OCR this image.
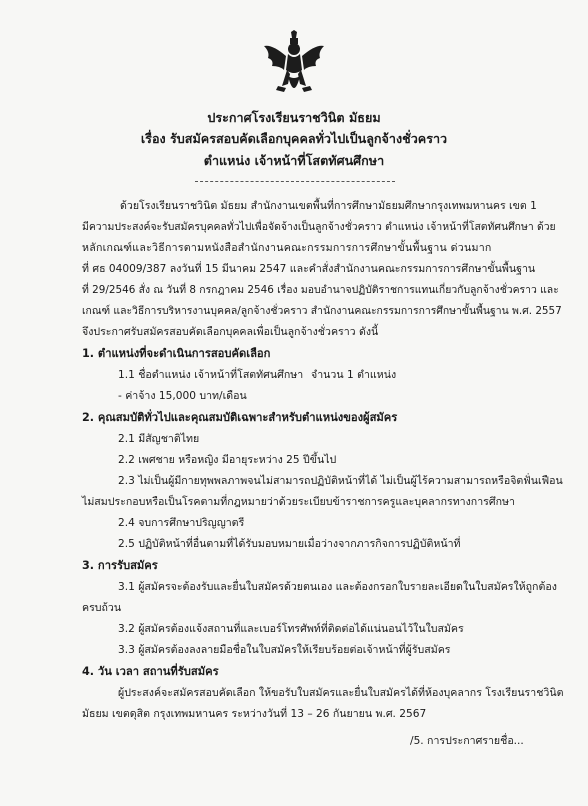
ประกาศโรงเรียนราชวินิต มัธยม
เรื่อง รับสมัครสอบคัดเลือกบุคคลทั่วไปเป็นลูกจ้างชั่วคราว
ตำแหน่ง เจ้าหน้าที่โสตทัศนศึกษา
ด้วยโรงเรียนราชวินิต มัธยม สำนักงานเขตพื้นที่การศึกษามัธยมศึกษากรุงเทพมหานคร เขต 1
มีความประสงค์จะรับสมัครบุคคลทั่วไปเพื่อจัดจ้างเป็นลูกจ้างชั่วคราว ตำแหน่ง เจ้าหน้าที่โสตทัศนศึกษา ด้วย
หลักเกณฑ์และวิธีการตามหนังสือสำนักงานคณะกรรมการการศึกษาขั้นพื้นฐาน ด่วนมาก
ที่ ศธ 04009/387 ลงวันที่ 15 มีนาคม 2547 และคำสั่งสำนักงานคณะกรรมการการศึกษาขั้นพื้นฐาน
ที่ 29/2546 สั่ง ณ วันที่ 8 กรกฎาคม 2546 เรื่อง มอบอำนาจปฏิบัติราชการแทนเกี่ยวกับลูกจ้างชั่วคราว และ
เกณฑ์ และวิธีการบริหารงานบุคคล/ลูกจ้างชั่วคราว สำนักงานคณะกรรมการการศึกษาขั้นพื้นฐาน พ.ศ. 2557
จึงประกาศรับสมัครสอบคัดเลือกบุคคลเพื่อเป็นลูกจ้างชั่วคราว ดังนี้
1. ตำแหน่งที่จะดำเนินการสอบคัดเลือก
1.1 ชื่อตำแหน่ง เจ้าหน้าที่โสตทัศนศึกษา จำนวน 1 ตำแหน่ง
- ค่าจ้าง 15,000 บาท/เดือน
2. คุณสมบัติทั่วไปและคุณสมบัติเฉพาะสำหรับตำแหน่งของผู้สมัคร
2.1 มีสัญชาติไทย
2.2 เพศชาย หรือหญิง มีอายุระหว่าง 25 ปีขึ้นไป
2.3 ไม่เป็นผู้มีกายทุพพลภาพจนไม่สามารถปฏิบัติหน้าที่ได้ ไม่เป็นผู้ไร้ความสามารถหรือจิตฟั่นเฟือน
ไม่สมประกอบหรือเป็นโรคตามที่กฎหมายว่าด้วยระเบียบข้าราชการครูและบุคลากรทางการศึกษา
2.4 จบการศึกษาปริญญาตรี
2.5 ปฏิบัติหน้าที่อื่นตามที่ได้รับมอบหมายเมื่อว่างจากภารกิจการปฏิบัติหน้าที่
3. การรับสมัคร
3.1 ผู้สมัครจะต้องรับและยื่นใบสมัครด้วยตนเอง และต้องกรอกใบรายละเอียดในใบสมัครให้ถูกต้อง
ครบถ้วน
3.2 ผู้สมัครต้องแจ้งสถานที่และเบอร์โทรศัพท์ที่ติดต่อได้แน่นอนไว้ในใบสมัคร
3.3 ผู้สมัครต้องลงลายมือชื่อในใบสมัครให้เรียบร้อยต่อเจ้าหน้าที่ผู้รับสมัคร
4. วัน เวลา สถานที่รับสมัคร
ผู้ประสงค์จะสมัครสอบคัดเลือก ให้ขอรับใบสมัครและยื่นใบสมัครได้ที่ห้องบุคลากร โรงเรียนราชวินิต
มัธยม เขตดุสิต กรุงเทพมหานคร ระหว่างวันที่ 13 – 26 กันยายน พ.ศ. 2567
/5. การประกาศรายชื่อ...
